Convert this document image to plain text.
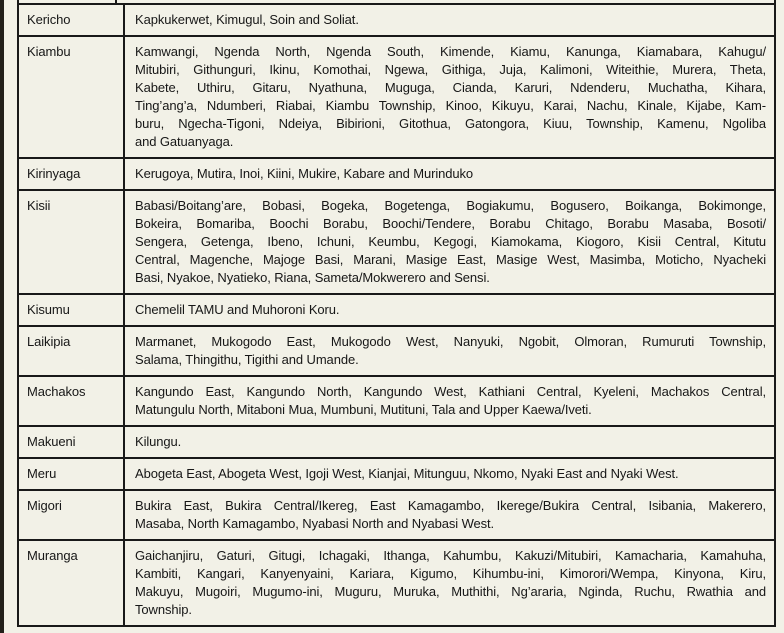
Kericho	Kapkukerwet, Kimugul, Soin and Soliat.
Kiambu	Kamwangi, Ngenda North, Ngenda South, Kimende, Kiamu, Kanunga, Kiamabara, Kahugu/
Mitubiri, Githunguri, Ikinu, Komothai, Ngewa, Githiga, Juja, Kalimoni, Witeithie, Murera, Theta,
Kabete, Uthiru, Gitaru, Nyathuna, Muguga, Cianda, Karuri, Ndenderu, Muchatha, Kihara,
Ting’ang’a, Ndumberi, Riabai, Kiambu Township, Kinoo, Kikuyu, Karai, Nachu, Kinale, Kijabe, Kam-
buru, Ngecha-Tigoni, Ndeiya, Bibirioni, Gitothua, Gatongora, Kiuu, Township, Kamenu, Ngoliba
and Gatuanyaga.
Kirinyaga	Kerugoya, Mutira, Inoi, Kiini, Mukire, Kabare and Murinduko
Kisii	Babasi/Boitang’are, Bobasi, Bogeka, Bogetenga, Bogiakumu, Bogusero, Boikanga, Bokimonge,
Bokeira, Bomariba, Boochi Borabu, Boochi/Tendere, Borabu Chitago, Borabu Masaba, Bosoti/
Sengera, Getenga, Ibeno, Ichuni, Keumbu, Kegogi, Kiamokama, Kiogoro, Kisii Central, Kitutu
Central, Magenche, Majoge Basi, Marani, Masige East, Masige West, Masimba, Moticho, Nyacheki
Basi, Nyakoe, Nyatieko, Riana, Sameta/Mokwerero and Sensi.
Kisumu	Chemelil TAMU and Muhoroni Koru.
Laikipia	Marmanet, Mukogodo East, Mukogodo West, Nanyuki, Ngobit, Olmoran, Rumuruti Township,
Salama, Thingithu, Tigithi and Umande.
Machakos	Kangundo East, Kangundo North, Kangundo West, Kathiani Central, Kyeleni, Machakos Central,
Matungulu North, Mitaboni Mua, Mumbuni, Mutituni, Tala and Upper Kaewa/Iveti.
Makueni	Kilungu.
Meru	Abogeta East, Abogeta West, Igoji West, Kianjai, Mitunguu, Nkomo, Nyaki East and Nyaki West.
Migori	Bukira East, Bukira Central/Ikereg, East Kamagambo, Ikerege/Bukira Central, Isibania, Makerero,
Masaba, North Kamagambo, Nyabasi North and Nyabasi West.
Muranga	Gaichanjiru, Gaturi, Gitugi, Ichagaki, Ithanga, Kahumbu, Kakuzi/Mitubiri, Kamacharia, Kamahuha,
Kambiti, Kangari, Kanyenyaini, Kariara, Kigumo, Kihumbu-ini, Kimorori/Wempa, Kinyona, Kiru,
Makuyu, Mugoiri, Mugumo-ini, Muguru, Muruka, Muthithi, Ng’araria, Nginda, Ruchu, Rwathia and
Township.
